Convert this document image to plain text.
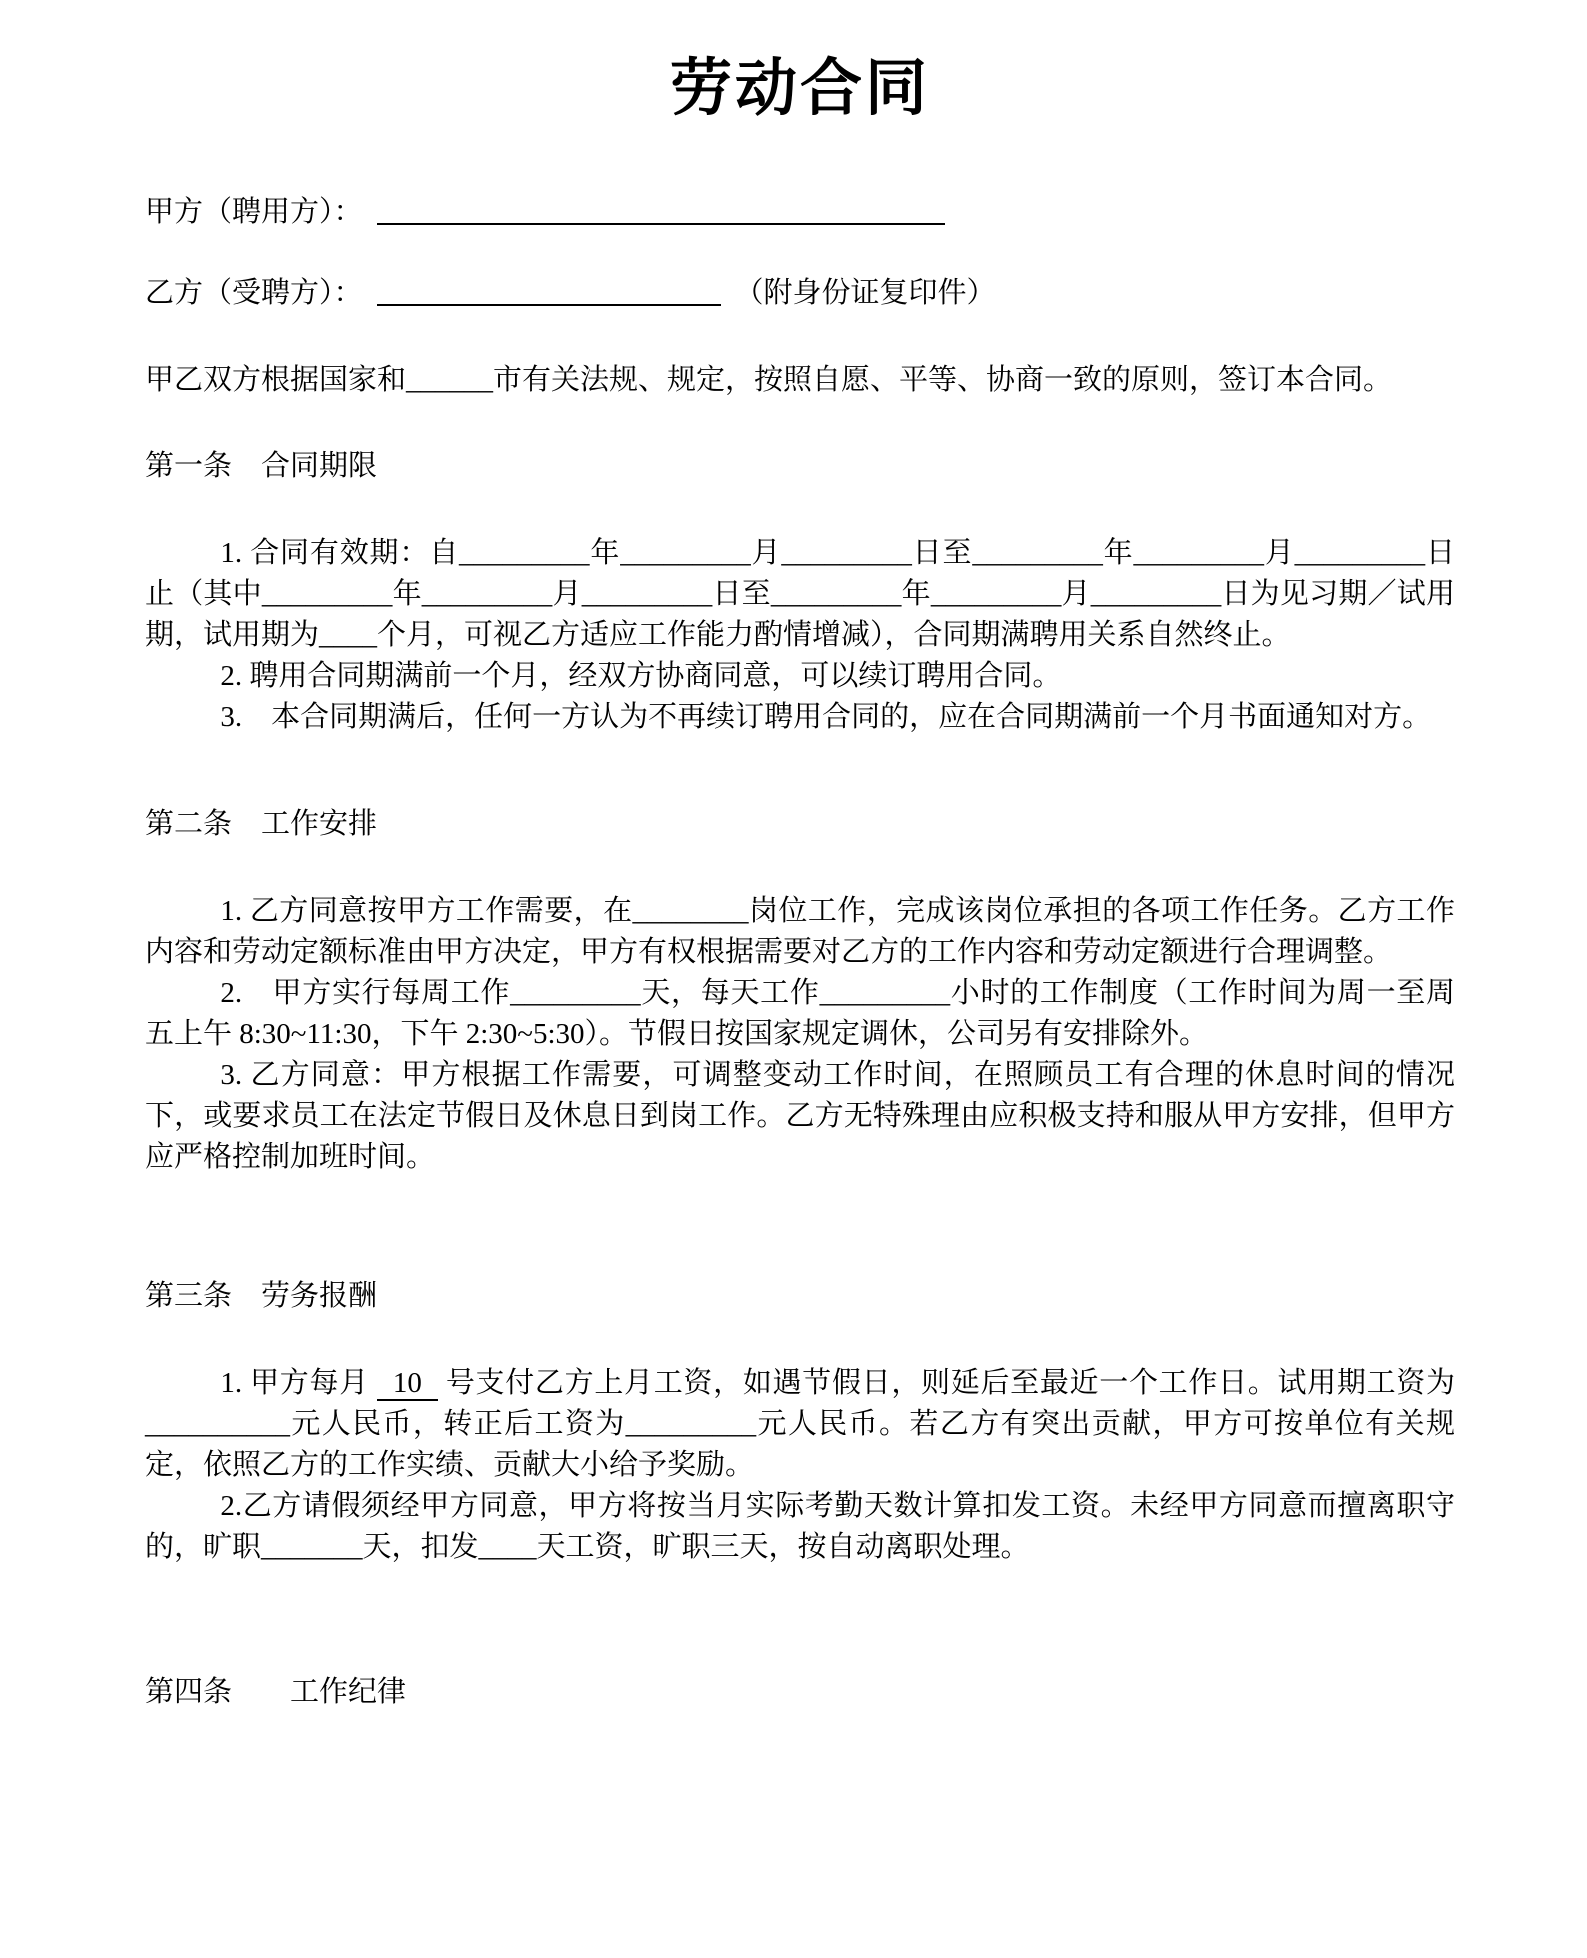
劳动合同
甲方（聘用方）：
乙方（受聘方）：	（附身份证复印件）

甲乙双方根据国家和______市有关法规、规定，按照自愿、平等、协商一致的原则，签订本合同。

第一条　合同期限

1. 合同有效期：自_________年_________月_________日至_________年_________月_________日止（其中_________年_________月_________日至_________年_________月_________日为见习期／试用期，试用期为____个月，可视乙方适应工作能力酌情增减），合同期满聘用关系自然终止。

2. 聘用合同期满前一个月，经双方协商同意，可以续订聘用合同。

3.　本合同期满后，任何一方认为不再续订聘用合同的，应在合同期满前一个月书面通知对方。

第二条　工作安排

1. 乙方同意按甲方工作需要，在________岗位工作，完成该岗位承担的各项工作任务。乙方工作内容和劳动定额标准由甲方决定，甲方有权根据需要对乙方的工作内容和劳动定额进行合理调整。

2.　甲方实行每周工作_________天，每天工作_________小时的工作制度（工作时间为周一至周五上午 8:30~11:30，下午 2:30~5:30）。节假日按国家规定调休，公司另有安排除外。

3. 乙方同意：甲方根据工作需要，可调整变动工作时间，在照顾员工有合理的休息时间的情况下，或要求员工在法定节假日及休息日到岗工作。乙方无特殊理由应积极支持和服从甲方安排，但甲方应严格控制加班时间。

第三条　劳务报酬

1. 甲方每月 10 号支付乙方上月工资，如遇节假日，则延后至最近一个工作日。试用期工资为__________元人民币，转正后工资为_________元人民币。若乙方有突出贡献，甲方可按单位有关规定，依照乙方的工作实绩、贡献大小给予奖励。

2.乙方请假须经甲方同意，甲方将按当月实际考勤天数计算扣发工资。未经甲方同意而擅离职守的，旷职_______天，扣发____天工资，旷职三天，按自动离职处理。

第四条　　工作纪律
